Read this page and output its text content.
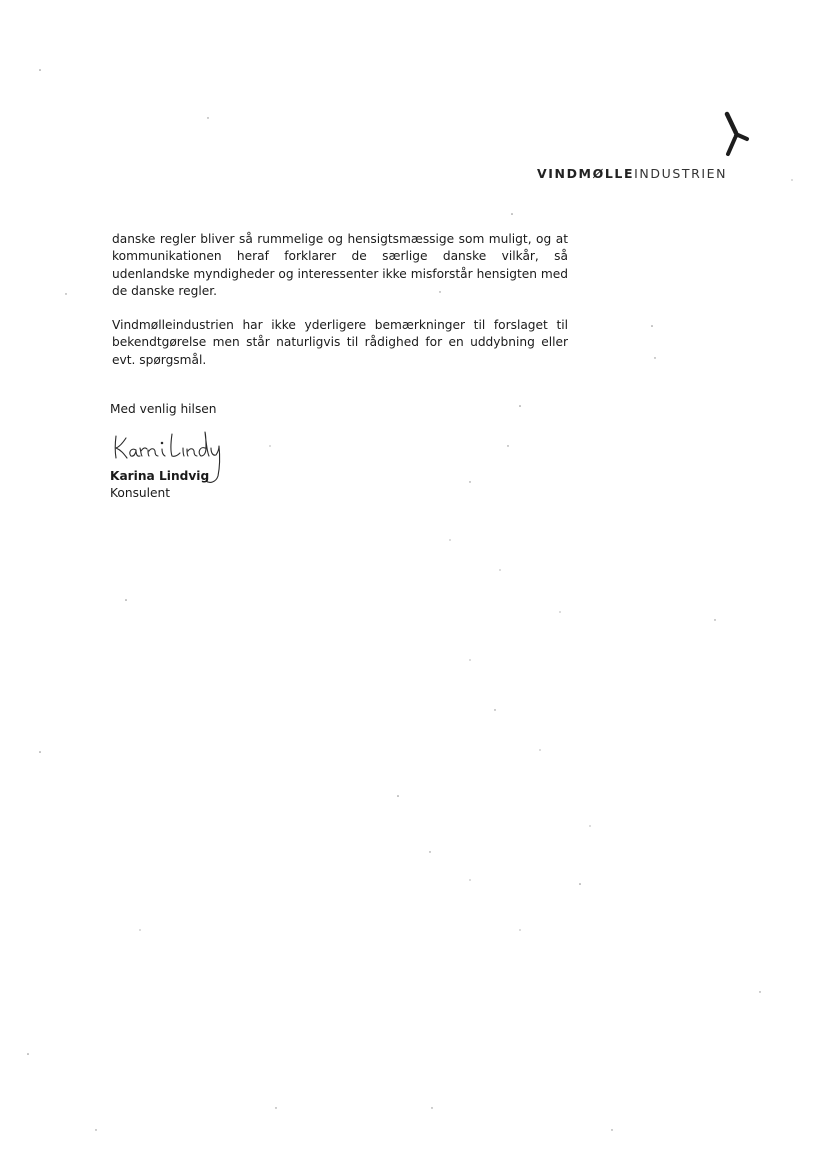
VINDMØLLEINDUSTRIEN

danske regler bliver så rummelige og hensigtsmæssige som muligt, og at kommunikationen heraf forklarer de særlige danske vilkår, så udenlandske myndigheder og interessenter ikke misforstår hensigten med de danske regler.

Vindmølleindustrien har ikke yderligere bemærkninger til forslaget til bekendtgørelse men står naturligvis til rådighed for en uddybning eller evt. spørgsmål.

Med venlig hilsen
Karina Lindvig
Konsulent
